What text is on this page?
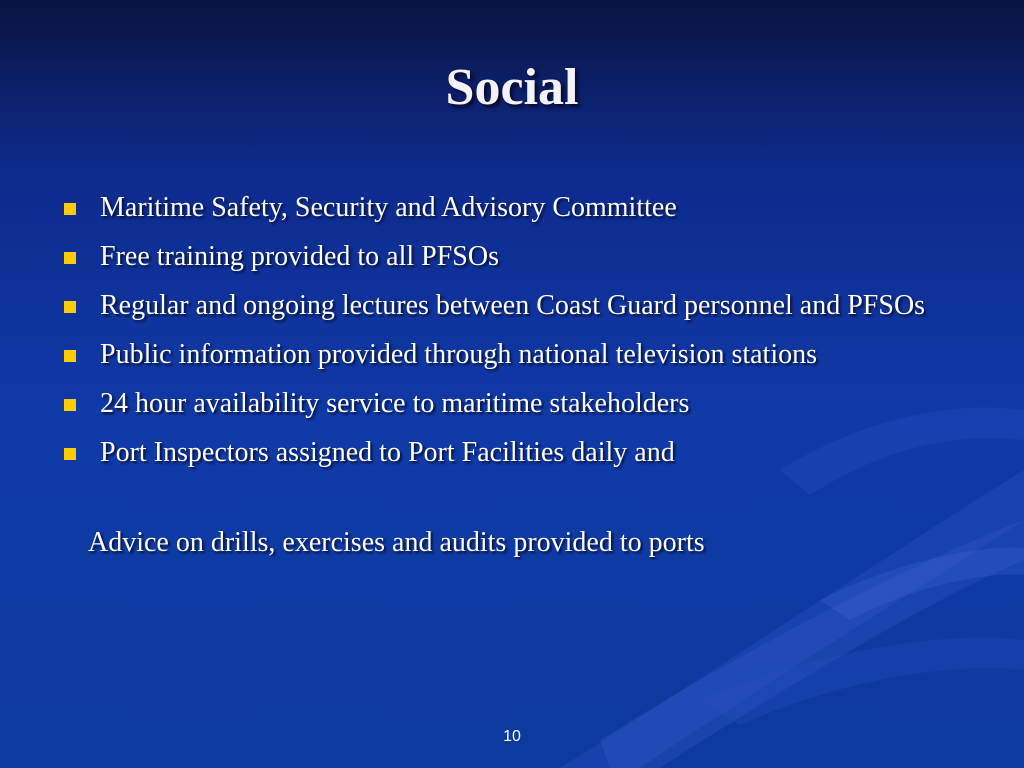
Social
Maritime Safety, Security and Advisory Committee
Free training provided to all PFSOs
Regular and ongoing lectures between Coast Guard personnel and PFSOs
Public information provided through national television stations
24 hour availability service to maritime stakeholders
Port Inspectors assigned to Port Facilities daily and
Advice on drills, exercises and audits provided to ports
10
